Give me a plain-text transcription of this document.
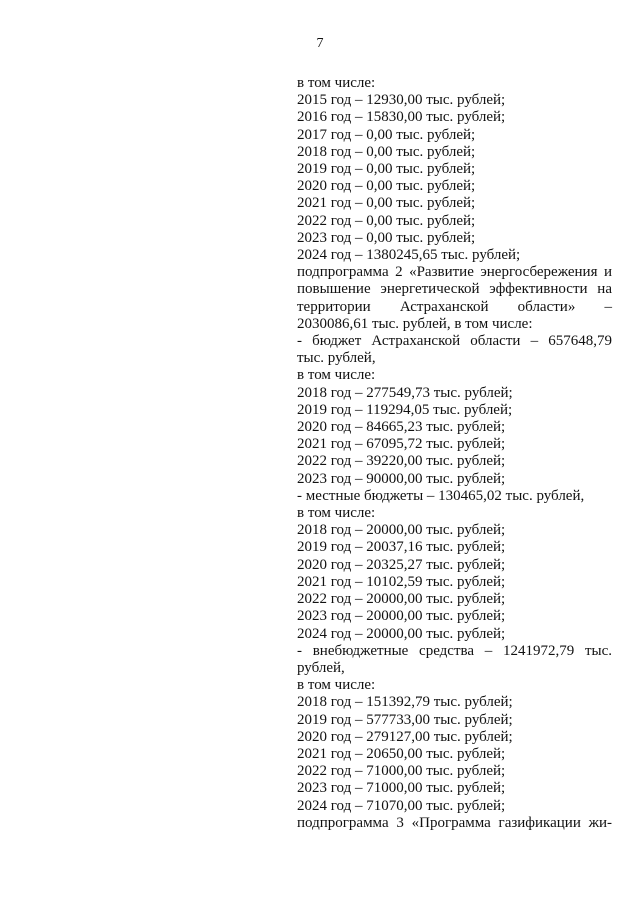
7
в том числе:
2015 год – 12930,00 тыс. рублей;
2016 год – 15830,00 тыс. рублей;
2017 год – 0,00 тыс. рублей;
2018 год – 0,00 тыс. рублей;
2019 год – 0,00 тыс. рублей;
2020 год – 0,00 тыс. рублей;
2021 год – 0,00 тыс. рублей;
2022 год – 0,00 тыс. рублей;
2023 год – 0,00 тыс. рублей;
2024 год – 1380245,65 тыс. рублей;
подпрограмма 2 «Развитие энергосбережения и
повышение энергетической эффективности на
территории Астраханской области» –
2030086,61 тыс. рублей, в том числе:
- бюджет Астраханской области – 657648,79
тыс. рублей,
в том числе:
2018 год – 277549,73 тыс. рублей;
2019 год – 119294,05 тыс. рублей;
2020 год – 84665,23 тыс. рублей;
2021 год – 67095,72 тыс. рублей;
2022 год – 39220,00 тыс. рублей;
2023 год – 90000,00 тыс. рублей;
- местные бюджеты – 130465,02 тыс. рублей,
в том числе:
2018 год – 20000,00 тыс. рублей;
2019 год – 20037,16 тыс. рублей;
2020 год – 20325,27 тыс. рублей;
2021 год – 10102,59 тыс. рублей;
2022 год – 20000,00 тыс. рублей;
2023 год – 20000,00 тыс. рублей;
2024 год – 20000,00 тыс. рублей;
- внебюджетные средства – 1241972,79 тыс.
рублей,
в том числе:
2018 год – 151392,79 тыс. рублей;
2019 год – 577733,00 тыс. рублей;
2020 год – 279127,00 тыс. рублей;
2021 год – 20650,00 тыс. рублей;
2022 год – 71000,00 тыс. рублей;
2023 год – 71000,00 тыс. рублей;
2024 год – 71070,00 тыс. рублей;
подпрограмма 3 «Программа газификации жи-
